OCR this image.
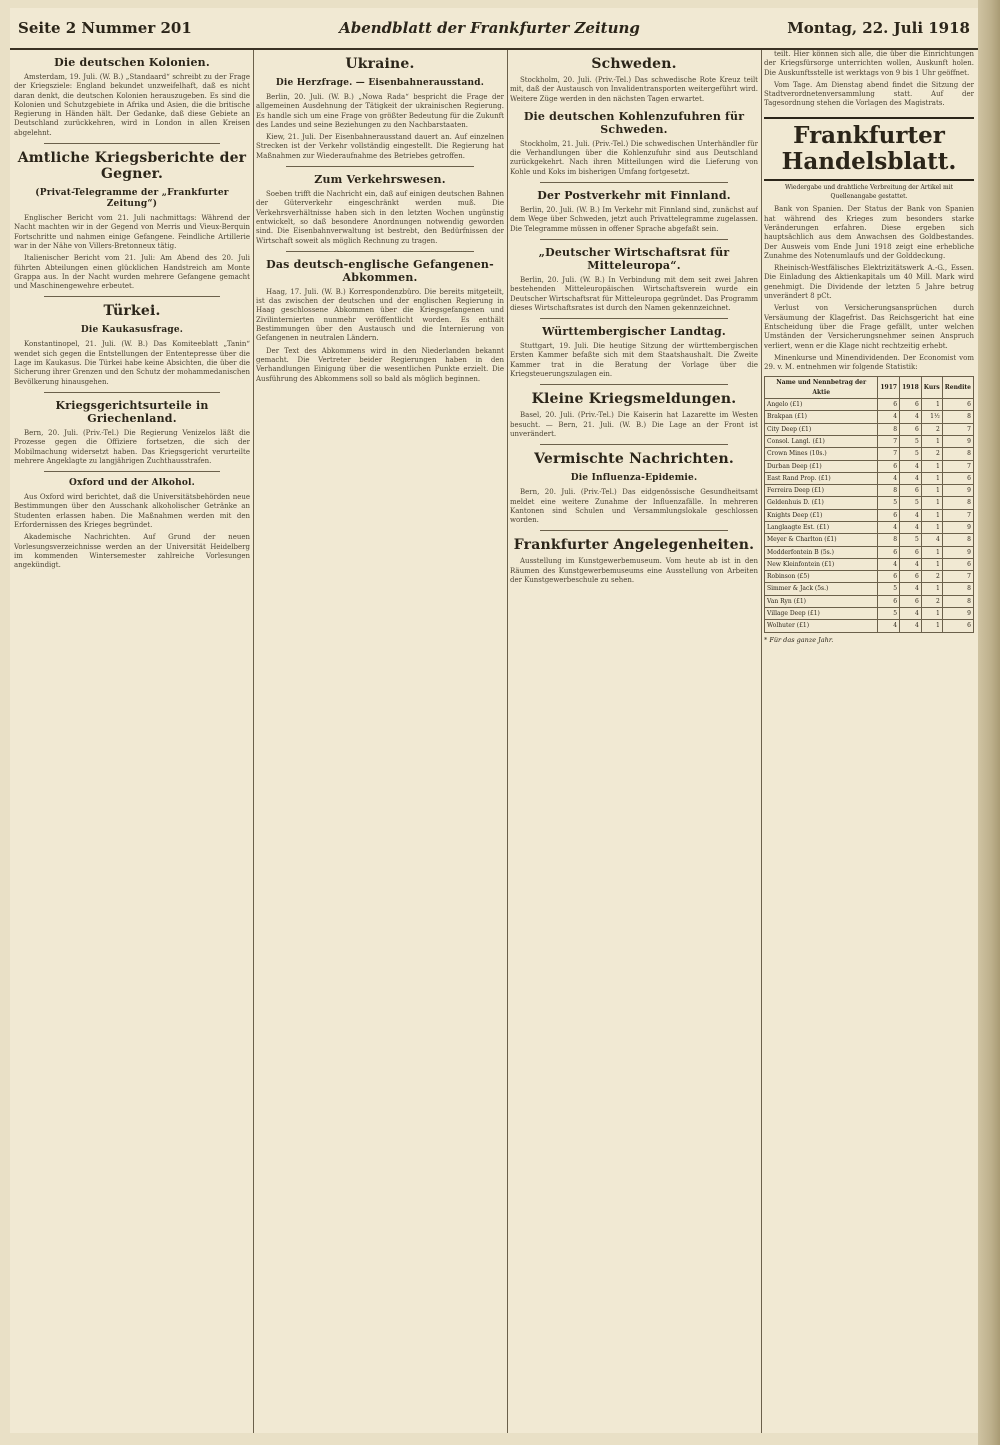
Seite 2 Nummer 201	Abendblatt der Frankfurter Zeitung	Montag, 22. Juli 1918
Die deutschen Kolonien.
Amsterdam, 19. Juli. (W. B.) „Standaard“ schreibt zu der Frage der Kriegsziele: England bekundet unzweifelhaft, daß es nicht daran denkt, die deutschen Kolonien herauszugeben. Es sind die Kolonien und Schutzgebiete in Afrika und Asien, die die britische Regierung in Händen hält. Der Gedanke, daß diese Gebiete an Deutschland zurückkehren, wird in London in allen Kreisen abgelehnt.
Amtliche Kriegsberichte der Gegner.
(Privat-Telegramme der „Frankfurter Zeitung“)
Englischer Bericht vom 21. Juli nachmittags: Während der Nacht machten wir in der Gegend von Merris und Vieux-Berquin Fortschritte und nahmen einige Gefangene. Feindliche Artillerie war in der Nähe von Villers-Bretonneux tätig.
Italienischer Bericht vom 21. Juli: Am Abend des 20. Juli führten Abteilungen einen glücklichen Handstreich am Monte Grappa aus. In der Nacht wurden mehrere Gefangene gemacht und Maschinengewehre erbeutet.
Türkei.
Die Kaukasusfrage.
Konstantinopel, 21. Juli. (W. B.) Das Komiteeblatt „Tanin“ wendet sich gegen die Entstellungen der Ententepresse über die Lage im Kaukasus. Die Türkei habe keine Absichten, die über die Sicherung ihrer Grenzen und den Schutz der mohammedanischen Bevölkerung hinausgehen.
Kriegsgerichtsurteile in Griechenland.
Bern, 20. Juli. (Priv.-Tel.) Die Regierung Venizelos läßt die Prozesse gegen die Offiziere fortsetzen, die sich der Mobilmachung widersetzt haben. Das Kriegsgericht verurteilte mehrere Angeklagte zu langjährigen Zuchthausstrafen.
Oxford und der Alkohol.
Aus Oxford wird berichtet, daß die Universitätsbehörden neue Bestimmungen über den Ausschank alkoholischer Getränke an Studenten erlassen haben. Die Maßnahmen werden mit den Erfordernissen des Krieges begründet.
Akademische Nachrichten. Auf Grund der neuen Vorlesungsverzeichnisse werden an der Universität Heidelberg im kommenden Wintersemester zahlreiche Vorlesungen angekündigt.
Ukraine.
Die Herzfrage. — Eisenbahnerausstand.
Berlin, 20. Juli. (W. B.) „Nowa Rada“ bespricht die Frage der allgemeinen Ausdehnung der Tätigkeit der ukrainischen Regierung. Es handle sich um eine Frage von größter Bedeutung für die Zukunft des Landes und seine Beziehungen zu den Nachbarstaaten.
Kiew, 21. Juli. Der Eisenbahnerausstand dauert an. Auf einzelnen Strecken ist der Verkehr vollständig eingestellt. Die Regierung hat Maßnahmen zur Wiederaufnahme des Betriebes getroffen.
Zum Verkehrswesen.
Soeben trifft die Nachricht ein, daß auf einigen deutschen Bahnen der Güterverkehr eingeschränkt werden muß. Die Verkehrsverhältnisse haben sich in den letzten Wochen ungünstig entwickelt, so daß besondere Anordnungen notwendig geworden sind. Die Eisenbahnverwaltung ist bestrebt, den Bedürfnissen der Wirtschaft soweit als möglich Rechnung zu tragen.
Das deutsch-englische Gefangenen-Abkommen.
Haag, 17. Juli. (W. B.) Korrespondenzbüro. Die bereits mitgeteilt, ist das zwischen der deutschen und der englischen Regierung in Haag geschlossene Abkommen über die Kriegsgefangenen und Zivilinternierten nunmehr veröffentlicht worden. Es enthält Bestimmungen über den Austausch und die Internierung von Gefangenen in neutralen Ländern.
Der Text des Abkommens wird in den Niederlanden bekannt gemacht. Die Vertreter beider Regierungen haben in den Verhandlungen Einigung über die wesentlichen Punkte erzielt. Die Ausführung des Abkommens soll so bald als möglich beginnen.
Schweden.
Stockholm, 20. Juli. (Priv.-Tel.) Das schwedische Rote Kreuz teilt mit, daß der Austausch von Invalidentransporten weitergeführt wird. Weitere Züge werden in den nächsten Tagen erwartet.
Die deutschen Kohlenzufuhren für Schweden.
Stockholm, 21. Juli. (Priv.-Tel.) Die schwedischen Unterhändler für die Verhandlungen über die Kohlenzufuhr sind aus Deutschland zurückgekehrt. Nach ihren Mitteilungen wird die Lieferung von Kohle und Koks im bisherigen Umfang fortgesetzt.
Der Postverkehr mit Finnland.
Berlin, 20. Juli. (W. B.) Im Verkehr mit Finnland sind, zunächst auf dem Wege über Schweden, jetzt auch Privattelegramme zugelassen. Die Telegramme müssen in offener Sprache abgefaßt sein.
„Deutscher Wirtschaftsrat für Mitteleuropa“.
Berlin, 20. Juli. (W. B.) In Verbindung mit dem seit zwei Jahren bestehenden Mitteleuropäischen Wirtschaftsverein wurde ein Deutscher Wirtschaftsrat für Mitteleuropa gegründet. Das Programm dieses Wirtschaftsrates ist durch den Namen gekennzeichnet.
Württembergischer Landtag.
Stuttgart, 19. Juli. Die heutige Sitzung der württembergischen Ersten Kammer befaßte sich mit dem Staatshaushalt. Die Zweite Kammer trat in die Beratung der Vorlage über die Kriegsteuerungszulagen ein.
Kleine Kriegsmeldungen.
Basel, 20. Juli. (Priv.-Tel.) Die Kaiserin hat Lazarette im Westen besucht. — Bern, 21. Juli. (W. B.) Die Lage an der Front ist unverändert.
Vermischte Nachrichten.
Die Influenza-Epidemie.
Bern, 20. Juli. (Priv.-Tel.) Das eidgenössische Gesundheitsamt meldet eine weitere Zunahme der Influenzafälle. In mehreren Kantonen sind Schulen und Versammlungslokale geschlossen worden.
Frankfurter Angelegenheiten.
Ausstellung im Kunstgewerbemuseum. Vom heute ab ist in den Räumen des Kunstgewerbemuseums eine Ausstellung von Arbeiten der Kunstgewerbeschule zu sehen.
teilt. Hier können sich alle, die über die Einrichtungen der Kriegsfürsorge unterrichten wollen, Auskunft holen. Die Auskunftsstelle ist werktags von 9 bis 1 Uhr geöffnet.
Vom Tage. Am Dienstag abend findet die Sitzung der Stadtverordnetenversammlung statt. Auf der Tagesordnung stehen die Vorlagen des Magistrats.
Frankfurter Handelsblatt.
Wiedergabe und drahtliche Verbreitung der Artikel mit Quellenangabe gestattet.
Bank von Spanien. Der Status der Bank von Spanien hat während des Krieges zum besonders starke Veränderungen erfahren. Diese ergeben sich hauptsächlich aus dem Anwachsen des Goldbestandes. Der Ausweis vom Ende Juni 1918 zeigt eine erhebliche Zunahme des Notenumlaufs und der Golddeckung.
Rheinisch-Westfälisches Elektrizitätswerk A.-G., Essen. Die Einladung des Aktienkapitals um 40 Mill. Mark wird genehmigt. Die Dividende der letzten 5 Jahre betrug unverändert 8 pCt.
Verlust von Versicherungsansprüchen durch Versäumung der Klagefrist. Das Reichsgericht hat eine Entscheidung über die Frage gefällt, unter welchen Umständen der Versicherungsnehmer seinen Anspruch verliert, wenn er die Klage nicht rechtzeitig erhebt.
Minenkurse und Minendividenden. Der Economist vom 29. v. M. entnehmen wir folgende Statistik:
Name und Nennbetrag der Aktie	1917	1918	Kurs	Rendite
Angelo (£1)	6	6	1	6
Brakpan (£1)	4	4	1½	8
City Deep (£1)	8	6	2	7
Consol. Langl. (£1)	7	5	1	9
Crown Mines (10s.)	7	5	2	8
Durban Deep (£1)	6	4	1	7
East Rand Prop. (£1)	4	4	1	6
Ferreira Deep (£1)	8	6	1	9
Geldenhuis D. (£1)	5	5	1	8
Knights Deep (£1)	6	4	1	7
Langlaagte Est. (£1)	4	4	1	9
Meyer & Charlton (£1)	8	5	4	8
Modderfontein B (5s.)	6	6	1	9
New Kleinfontein (£1)	4	4	1	6
Robinson (£5)	6	6	2	7
Simmer & Jack (5s.)	5	4	1	8
Van Ryn (£1)	6	6	2	8
Village Deep (£1)	5	4	1	9
Wolhuter (£1)	4	4	1	6
* Für das ganze Jahr.
